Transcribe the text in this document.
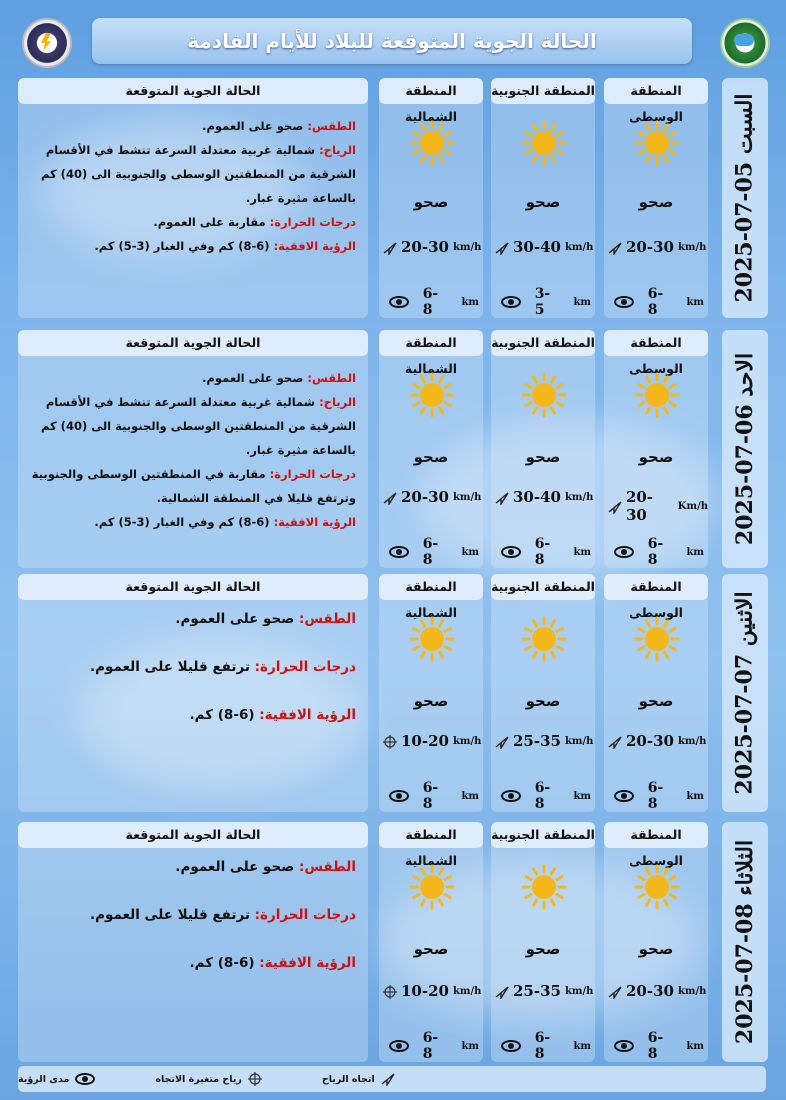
الحالة الجوية المتوقعة للبلاد للأيام القادمة
2025-07-05 السبت
المنطقة الوسطى
صحو
20-30 km/h
6-8	km
المنطقة الجنوبية
صحو
30-40 km/h
3-5	km
المنطقة الشمالية
صحو
20-30 km/h
6-8	km
الحالة الجوية المتوقعة
الطقس: صحو على العموم.
الرياح: شمالية غربية معتدلة السرعة تنشط في الأقسام الشرقية من المنطقتين الوسطى والجنوبية الى (40) كم بالساعة مثيرة غبار.
درجات الحرارة: مقاربة على العموم.
الرؤية الافقية: (6-8) كم وفي الغبار (3-5) كم.
2025-07-06 الاحد
المنطقة الوسطى
صحو
20-30	Km/h
6-8	km
المنطقة الجنوبية
صحو
30-40 km/h
6-8	km
المنطقة الشمالية
صحو
20-30 km/h
6-8	km
الحالة الجوية المتوقعة
الطقس: صحو على العموم.
الرياح: شمالية غربية معتدلة السرعة تنشط في الأقسام الشرقية من المنطقتين الوسطى والجنوبية الى (40) كم بالساعة مثيرة غبار.
درجات الحرارة: مقاربة في المنطقتين الوسطى والجنوبية وترتفع قليلا في المنطقة الشمالية.
الرؤية الافقية: (6-8) كم وفي الغبار (3-5) كم.
2025-07-07 الاثنين
المنطقة الوسطى
صحو
20-30 km/h
6-8	km
المنطقة الجنوبية
صحو
25-35 km/h
6-8	km
المنطقة الشمالية
صحو
10-20 km/h
6-8	km
الحالة الجوية المتوقعة

الطقس: صحو على العموم.

درجات الحرارة: ترتفع قليلا على العموم.

الرؤية الافقية: (6-8) كم.

2025-07-08 الثلاثاء
المنطقة الوسطى
صحو
20-30 km/h
6-8	km
المنطقة الجنوبية
صحو
25-35 km/h
6-8	km
المنطقة الشمالية
صحو
10-20 km/h
6-8	km
الحالة الجوية المتوقعة

الطقس: صحو على العموم.

درجات الحرارة: ترتفع قليلا على العموم.

الرؤية الافقية: (6-8) كم.

اتجاه الرياح
رياح متغيرة الاتجاه
مدى الرؤية
